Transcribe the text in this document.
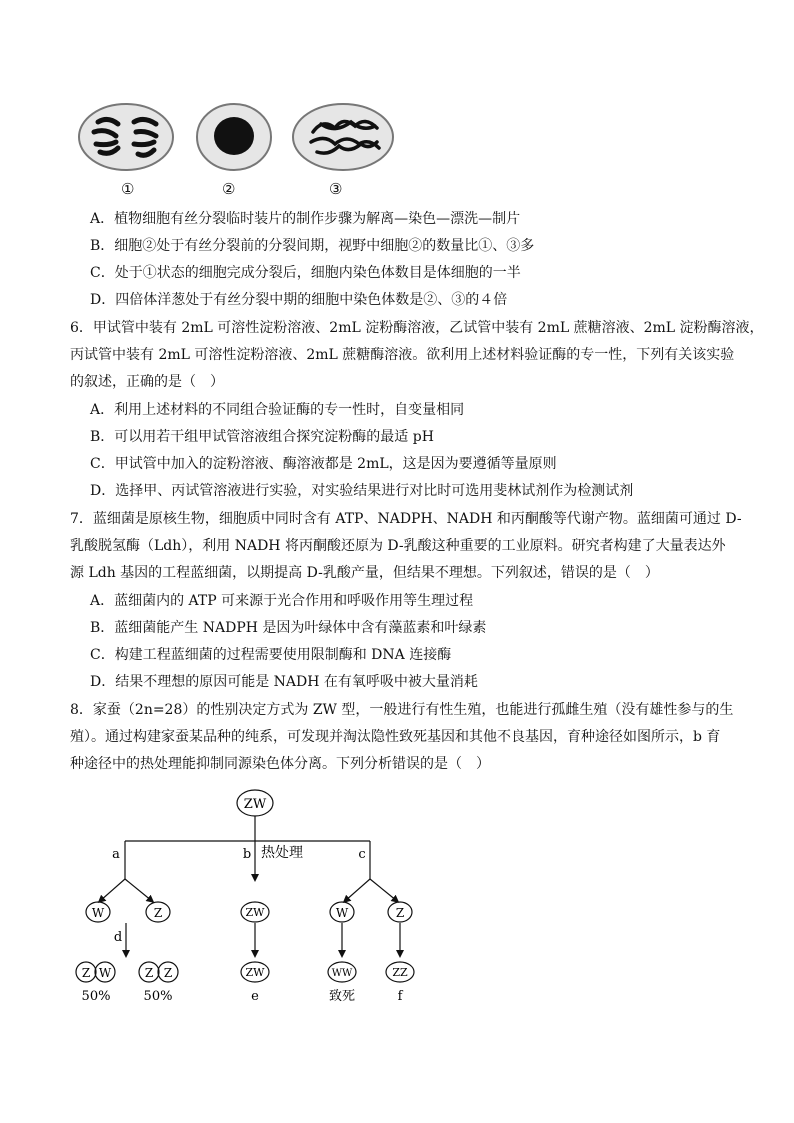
①	②	③
A．植物细胞有丝分裂临时装片的制作步骤为解离—染色—漂洗—制片
B．细胞②处于有丝分裂前的分裂间期，视野中细胞②的数量比①、③多
C．处于①状态的细胞完成分裂后，细胞内染色体数目是体细胞的一半
D．四倍体洋葱处于有丝分裂中期的细胞中染色体数是②、③的４倍
6．甲试管中装有 2mL 可溶性淀粉溶液、2mL 淀粉酶溶液，乙试管中装有 2mL 蔗糖溶液、2mL 淀粉酶溶液，
丙试管中装有 2mL 可溶性淀粉溶液、2mL 蔗糖酶溶液。欲利用上述材料验证酶的专一性，下列有关该实验
的叙述，正确的是（　）
A．利用上述材料的不同组合验证酶的专一性时，自变量相同
B．可以用若干组甲试管溶液组合探究淀粉酶的最适 pH
C．甲试管中加入的淀粉溶液、酶溶液都是 2mL，这是因为要遵循等量原则
D．选择甲、丙试管溶液进行实验，对实验结果进行对比时可选用斐林试剂作为检测试剂
7．蓝细菌是原核生物，细胞质中同时含有 ATP、NADPH、NADH 和丙酮酸等代谢产物。蓝细菌可通过 D-
乳酸脱氢酶（Ldh），利用 NADH 将丙酮酸还原为 D-乳酸这种重要的工业原料。研究者构建了大量表达外
源 Ldh 基因的工程蓝细菌，以期提高 D-乳酸产量，但结果不理想。下列叙述，错误的是（　）
A．蓝细菌内的 ATP 可来源于光合作用和呼吸作用等生理过程
B．蓝细菌能产生 NADPH 是因为叶绿体中含有藻蓝素和叶绿素
C．构建工程蓝细菌的过程需要使用限制酶和 DNA 连接酶
D．结果不理想的原因可能是 NADH 在有氧呼吸中被大量消耗
8．家蚕（2n=28）的性别决定方式为 ZW 型，一般进行有性生殖，也能进行孤雌生殖（没有雄性参与的生
殖）。通过构建家蚕某品种的纯系，可发现并淘汰隐性致死基因和其他不良基因，育种途径如图所示，b 育
种途径中的热处理能抑制同源染色体分离。下列分析错误的是（　）
ZW
a	b 热处理	c
W	Z	ZW	W	Z
d
Z W	Z Z	ZW	WW	ZZ
50%	50%	e	致死	f
